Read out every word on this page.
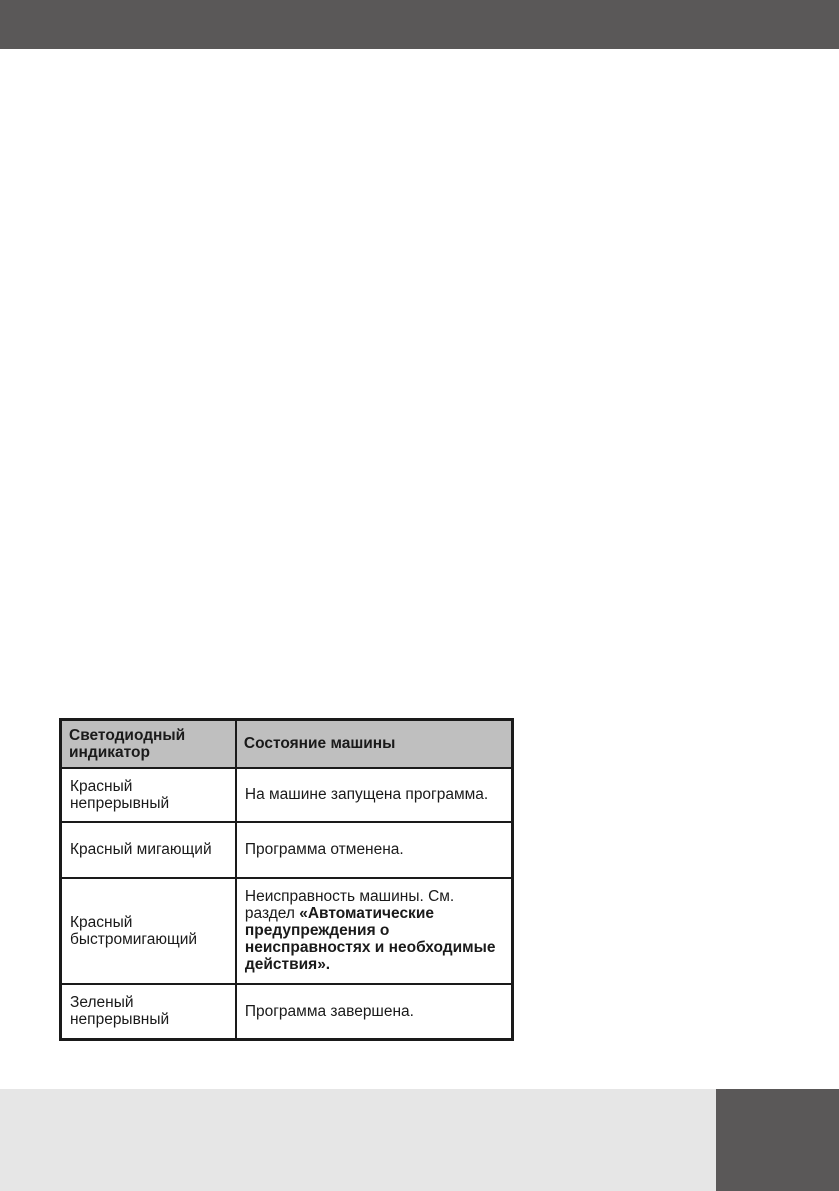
Светодиодный индикатор	Состояние машины
Красный непрерывный	На машине запущена программа.
Красный мигающий	Программа отменена.
Красный быстромигающий	Неисправность машины. См. раздел «Автоматические предупреждения о неисправностях и необходимые действия».
Зеленый непрерывный	Программа завершена.
